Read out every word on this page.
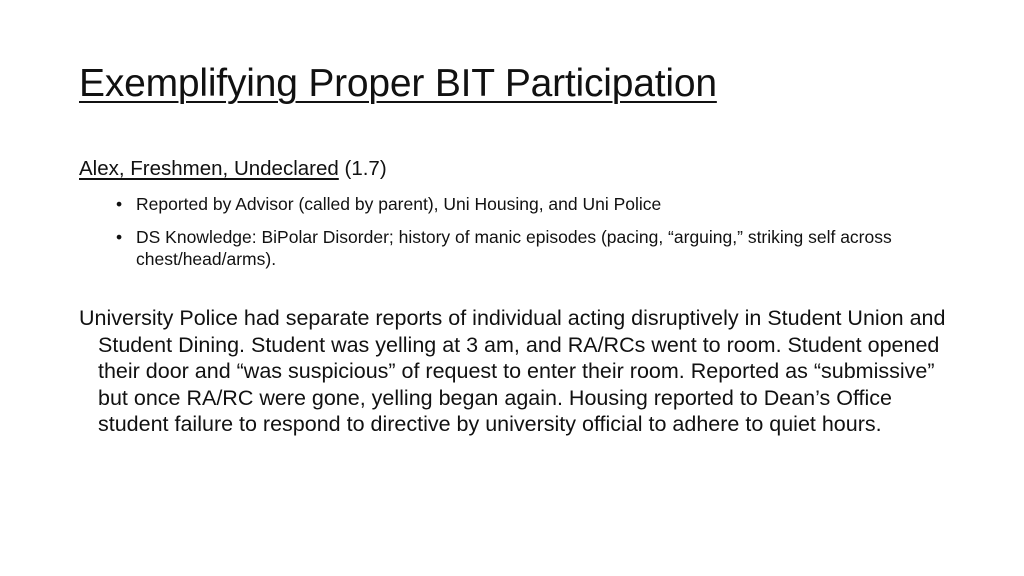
Exemplifying Proper BIT Participation
Alex, Freshmen, Undeclared (1.7)
• Reported by Advisor (called by parent), Uni Housing, and Uni Police
• DS Knowledge: BiPolar Disorder; history of manic episodes (pacing, “arguing,” striking self across chest/head/arms).

University Police had separate reports of individual acting disruptively in Student Union and Student Dining. Student was yelling at 3 am, and RA/RCs went to room. Student opened their door and “was suspicious” of request to enter their room. Reported as “submissive” but once RA/RC were gone, yelling began again. Housing reported to Dean’s Office student failure to respond to directive by university official to adhere to quiet hours.
